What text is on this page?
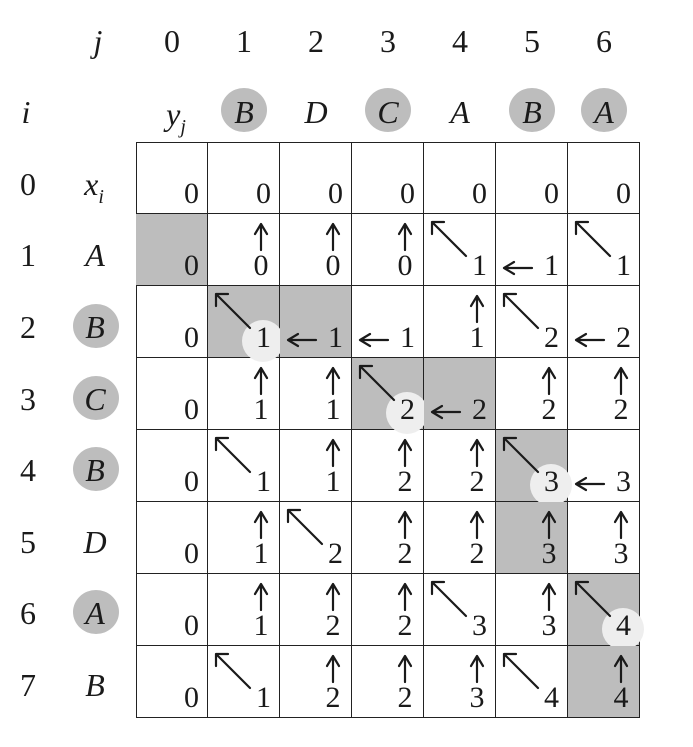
j
i	$y_j$
$x_i$
0 1
B
2
D
3
C
4
A
5
B
6
A
0
1 A
2 B
3 C
4 B
5 D
6 A
7 B
0 0 0 0 0 0 0
0 0 0 0 1 1 1
0 1 1 1 1 2 2
0 1 1 2 2 2 2
0 1 1 2 2 3 3
0 1 2 2 2 3 3
0 1 2 2 3 3 4
0 1 2 2 3 4 4
